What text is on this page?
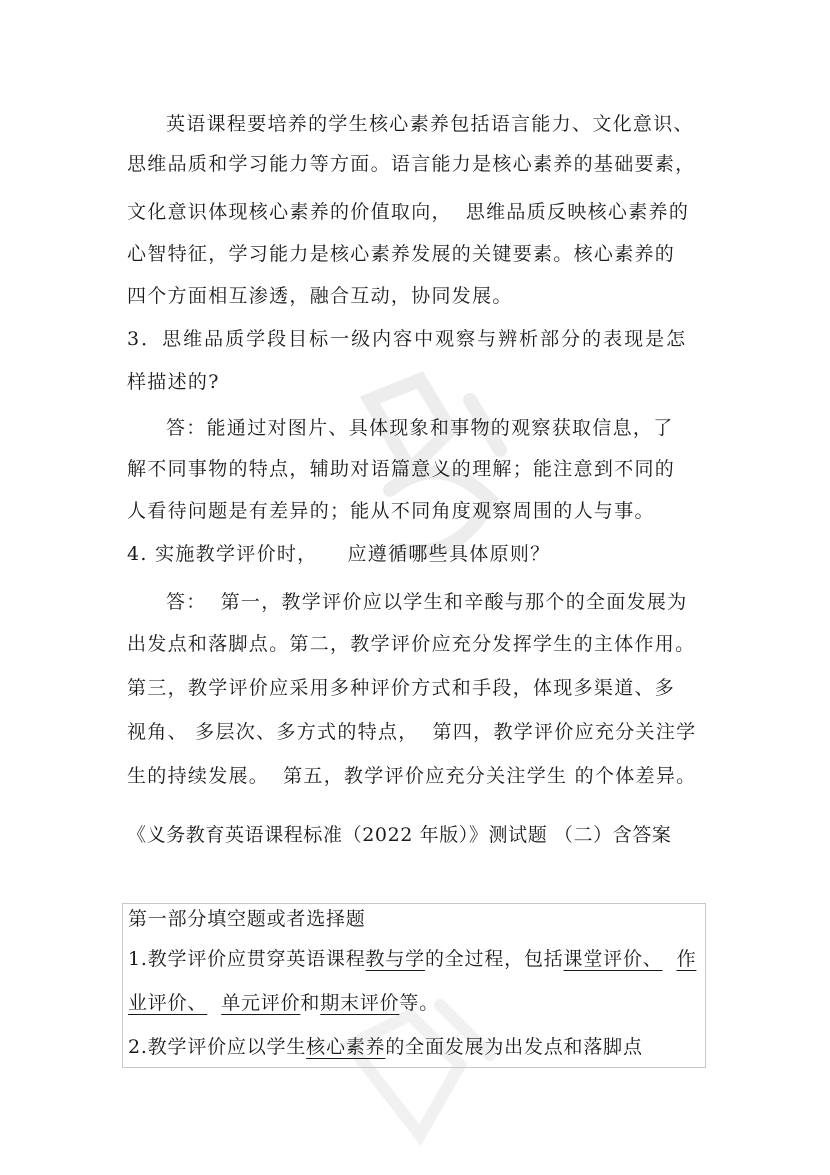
英语课程要培养的学生核心素养包括语言能力、文化意识、
思维品质和学习能力等方面。语言能力是核心素养的基础要素，
文化意识体现核心素养的价值取向， 思维品质反映核心素养的
心智特征，学习能力是核心素养发展的关键要素。核心素养的
四个方面相互渗透，融合互动，协同发展。
3．思维品质学段目标一级内容中观察与辨析部分的表现是怎
样描述的?
答：能通过对图片、具体现象和事物的观察获取信息，了
解不同事物的特点，辅助对语篇意义的理解；能注意到不同的
人看待问题是有差异的；能从不同角度观察周围的人与事。
4. 实施教学评价时， 应遵循哪些具体原则？
答： 第一，教学评价应以学生和辛酸与那个的全面发展为
出发点和落脚点。第二，教学评价应充分发挥学生的主体作用。
第三，教学评价应采用多种评价方式和手段，体现多渠道、多
视角、 多层次、多方式的特点， 第四，教学评价应充分关注学
生的持续发展。 第五，教学评价应充分关注学生 的个体差异。
《义务教育英语课程标准（2022 年版）》测试题 （二）含答案
第一部分填空题或者选择题
1.教学评价应贯穿英语课程教与学的全过程，包括课堂评价、 作
业评价、 单元评价和期末评价等。
2.教学评价应以学生核心素养的全面发展为出发点和落脚点
